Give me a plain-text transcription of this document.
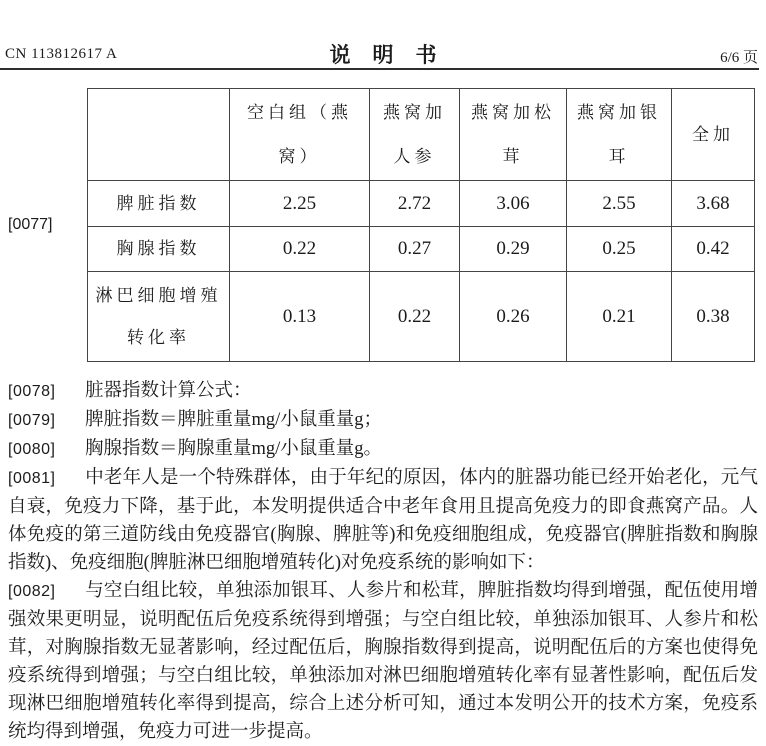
CN 113812617 A	说明书	6/6 页
[0077]
	空白组（燕窝）	燕窝加人参	燕窝加松茸	燕窝加银耳	全加
脾脏指数	2.25	2.72	3.06	2.55	3.68
胸腺指数	0.22	0.27	0.29	0.25	0.42
淋巴细胞增殖转化率	0.13	0.22	0.26	0.21	0.38
[0078] 脏器指数计算公式：
[0079] 脾脏指数＝脾脏重量mg/小鼠重量g；
[0080] 胸腺指数＝胸腺重量mg/小鼠重量g。
[0081] 中老年人是一个特殊群体，由于年纪的原因，体内的脏器功能已经开始老化，元气自衰，免疫力下降，基于此，本发明提供适合中老年食用且提高免疫力的即食燕窝产品。人体免疫的第三道防线由免疫器官(胸腺、脾脏等)和免疫细胞组成，免疫器官(脾脏指数和胸腺指数)、免疫细胞(脾脏淋巴细胞增殖转化)对免疫系统的影响如下：
[0082] 与空白组比较，单独添加银耳、人参片和松茸，脾脏指数均得到增强，配伍使用增强效果更明显，说明配伍后免疫系统得到增强；与空白组比较，单独添加银耳、人参片和松茸，对胸腺指数无显著影响，经过配伍后，胸腺指数得到提高，说明配伍后的方案也使得免疫系统得到增强；与空白组比较，单独添加对淋巴细胞增殖转化率有显著性影响，配伍后发现淋巴细胞增殖转化率得到提高，综合上述分析可知，通过本发明公开的技术方案，免疫系统均得到增强，免疫力可进一步提高。
